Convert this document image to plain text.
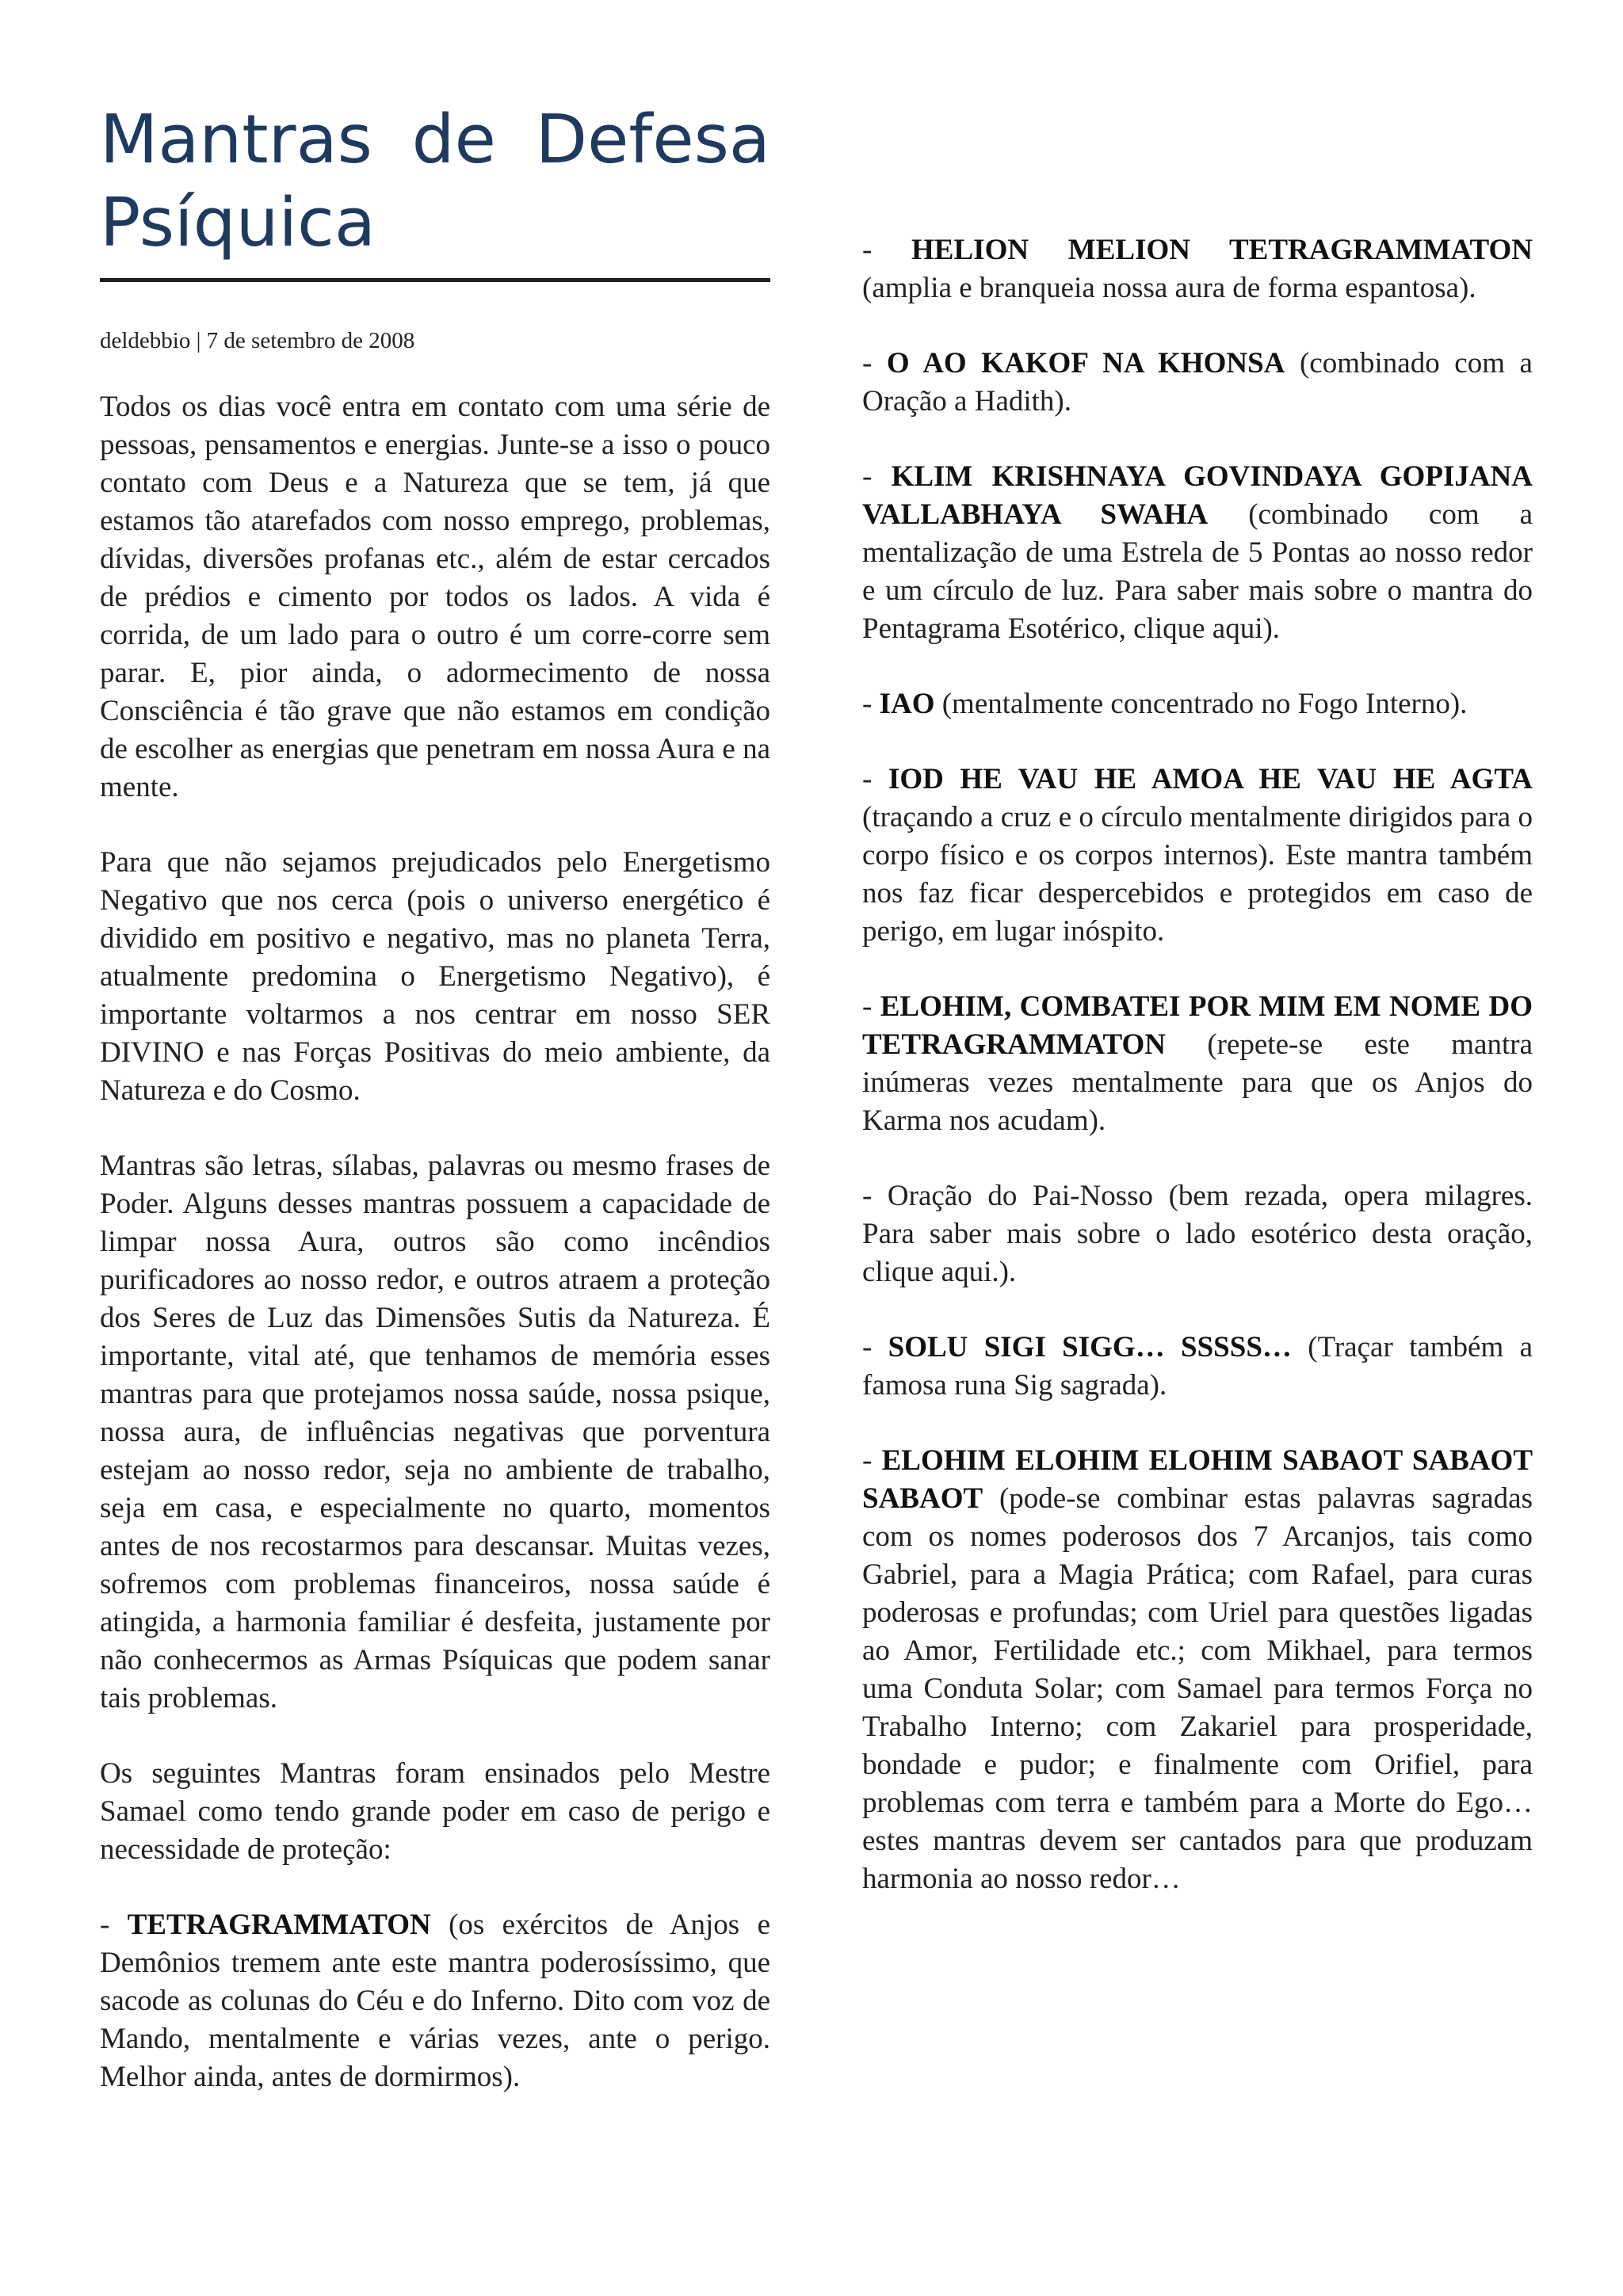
Mantras de Defesa Psíquica
deldebbio | 7 de setembro de 2008

Todos os dias você entra em contato com uma série de pessoas, pensamentos e energias. Junte-se a isso o pouco contato com Deus e a Natureza que se tem, já que estamos tão atarefados com nosso emprego, problemas, dívidas, diversões profanas etc., além de estar cercados de prédios e cimento por todos os lados. A vida é corrida, de um lado para o outro é um corre-corre sem parar. E, pior ainda, o adormecimento de nossa Consciência é tão grave que não estamos em condição de escolher as energias que penetram em nossa Aura e na mente.

Para que não sejamos prejudicados pelo Energetismo Negativo que nos cerca (pois o universo energético é dividido em positivo e negativo, mas no planeta Terra, atualmente predomina o Energetismo Negativo), é importante voltarmos a nos centrar em nosso SER DIVINO e nas Forças Positivas do meio ambiente, da Natureza e do Cosmo.

Mantras são letras, sílabas, palavras ou mesmo frases de Poder. Alguns desses mantras possuem a capacidade de limpar nossa Aura, outros são como incêndios purificadores ao nosso redor, e outros atraem a proteção dos Seres de Luz das Dimensões Sutis da Natureza. É importante, vital até, que tenhamos de memória esses mantras para que protejamos nossa saúde, nossa psique, nossa aura, de influências negativas que porventura estejam ao nosso redor, seja no ambiente de trabalho, seja em casa, e especialmente no quarto, momentos antes de nos recostarmos para descansar. Muitas vezes, sofremos com problemas financeiros, nossa saúde é atingida, a harmonia familiar é desfeita, justamente por não conhecermos as Armas Psíquicas que podem sanar tais problemas.

Os seguintes Mantras foram ensinados pelo Mestre Samael como tendo grande poder em caso de perigo e necessidade de proteção:

- TETRAGRAMMATON (os exércitos de Anjos e Demônios tremem ante este mantra poderosíssimo, que sacode as colunas do Céu e do Inferno. Dito com voz de Mando, mentalmente e várias vezes, ante o perigo. Melhor ainda, antes de dormirmos).

- HELION MELION TETRAGRAMMATON (amplia e branqueia nossa aura de forma espantosa).

- O AO KAKOF NA KHONSA (combinado com a Oração a Hadith).

- KLIM KRISHNAYA GOVINDAYA GOPIJANA VALLABHAYA SWAHA (combinado com a mentalização de uma Estrela de 5 Pontas ao nosso redor e um círculo de luz. Para saber mais sobre o mantra do Pentagrama Esotérico, clique aqui).

- IAO (mentalmente concentrado no Fogo Interno).

- IOD HE VAU HE AMOA HE VAU HE AGTA (traçando a cruz e o círculo mentalmente dirigidos para o corpo físico e os corpos internos). Este mantra também nos faz ficar despercebidos e protegidos em caso de perigo, em lugar inóspito.

- ELOHIM, COMBATEI POR MIM EM NOME DO TETRAGRAMMATON (repete-se este mantra inúmeras vezes mentalmente para que os Anjos do Karma nos acudam).

- Oração do Pai-Nosso (bem rezada, opera milagres. Para saber mais sobre o lado esotérico desta oração, clique aqui.).

- SOLU SIGI SIGG… SSSSS… (Traçar também a famosa runa Sig sagrada).

- ELOHIM ELOHIM ELOHIM SABAOT SABAOT SABAOT (pode-se combinar estas palavras sagradas com os nomes poderosos dos 7 Arcanjos, tais como Gabriel, para a Magia Prática; com Rafael, para curas poderosas e profundas; com Uriel para questões ligadas ao Amor, Fertilidade etc.; com Mikhael, para termos uma Conduta Solar; com Samael para termos Força no Trabalho Interno; com Zakariel para prosperidade, bondade e pudor; e finalmente com Orifiel, para problemas com terra e também para a Morte do Ego… estes mantras devem ser cantados para que produzam harmonia ao nosso redor…
